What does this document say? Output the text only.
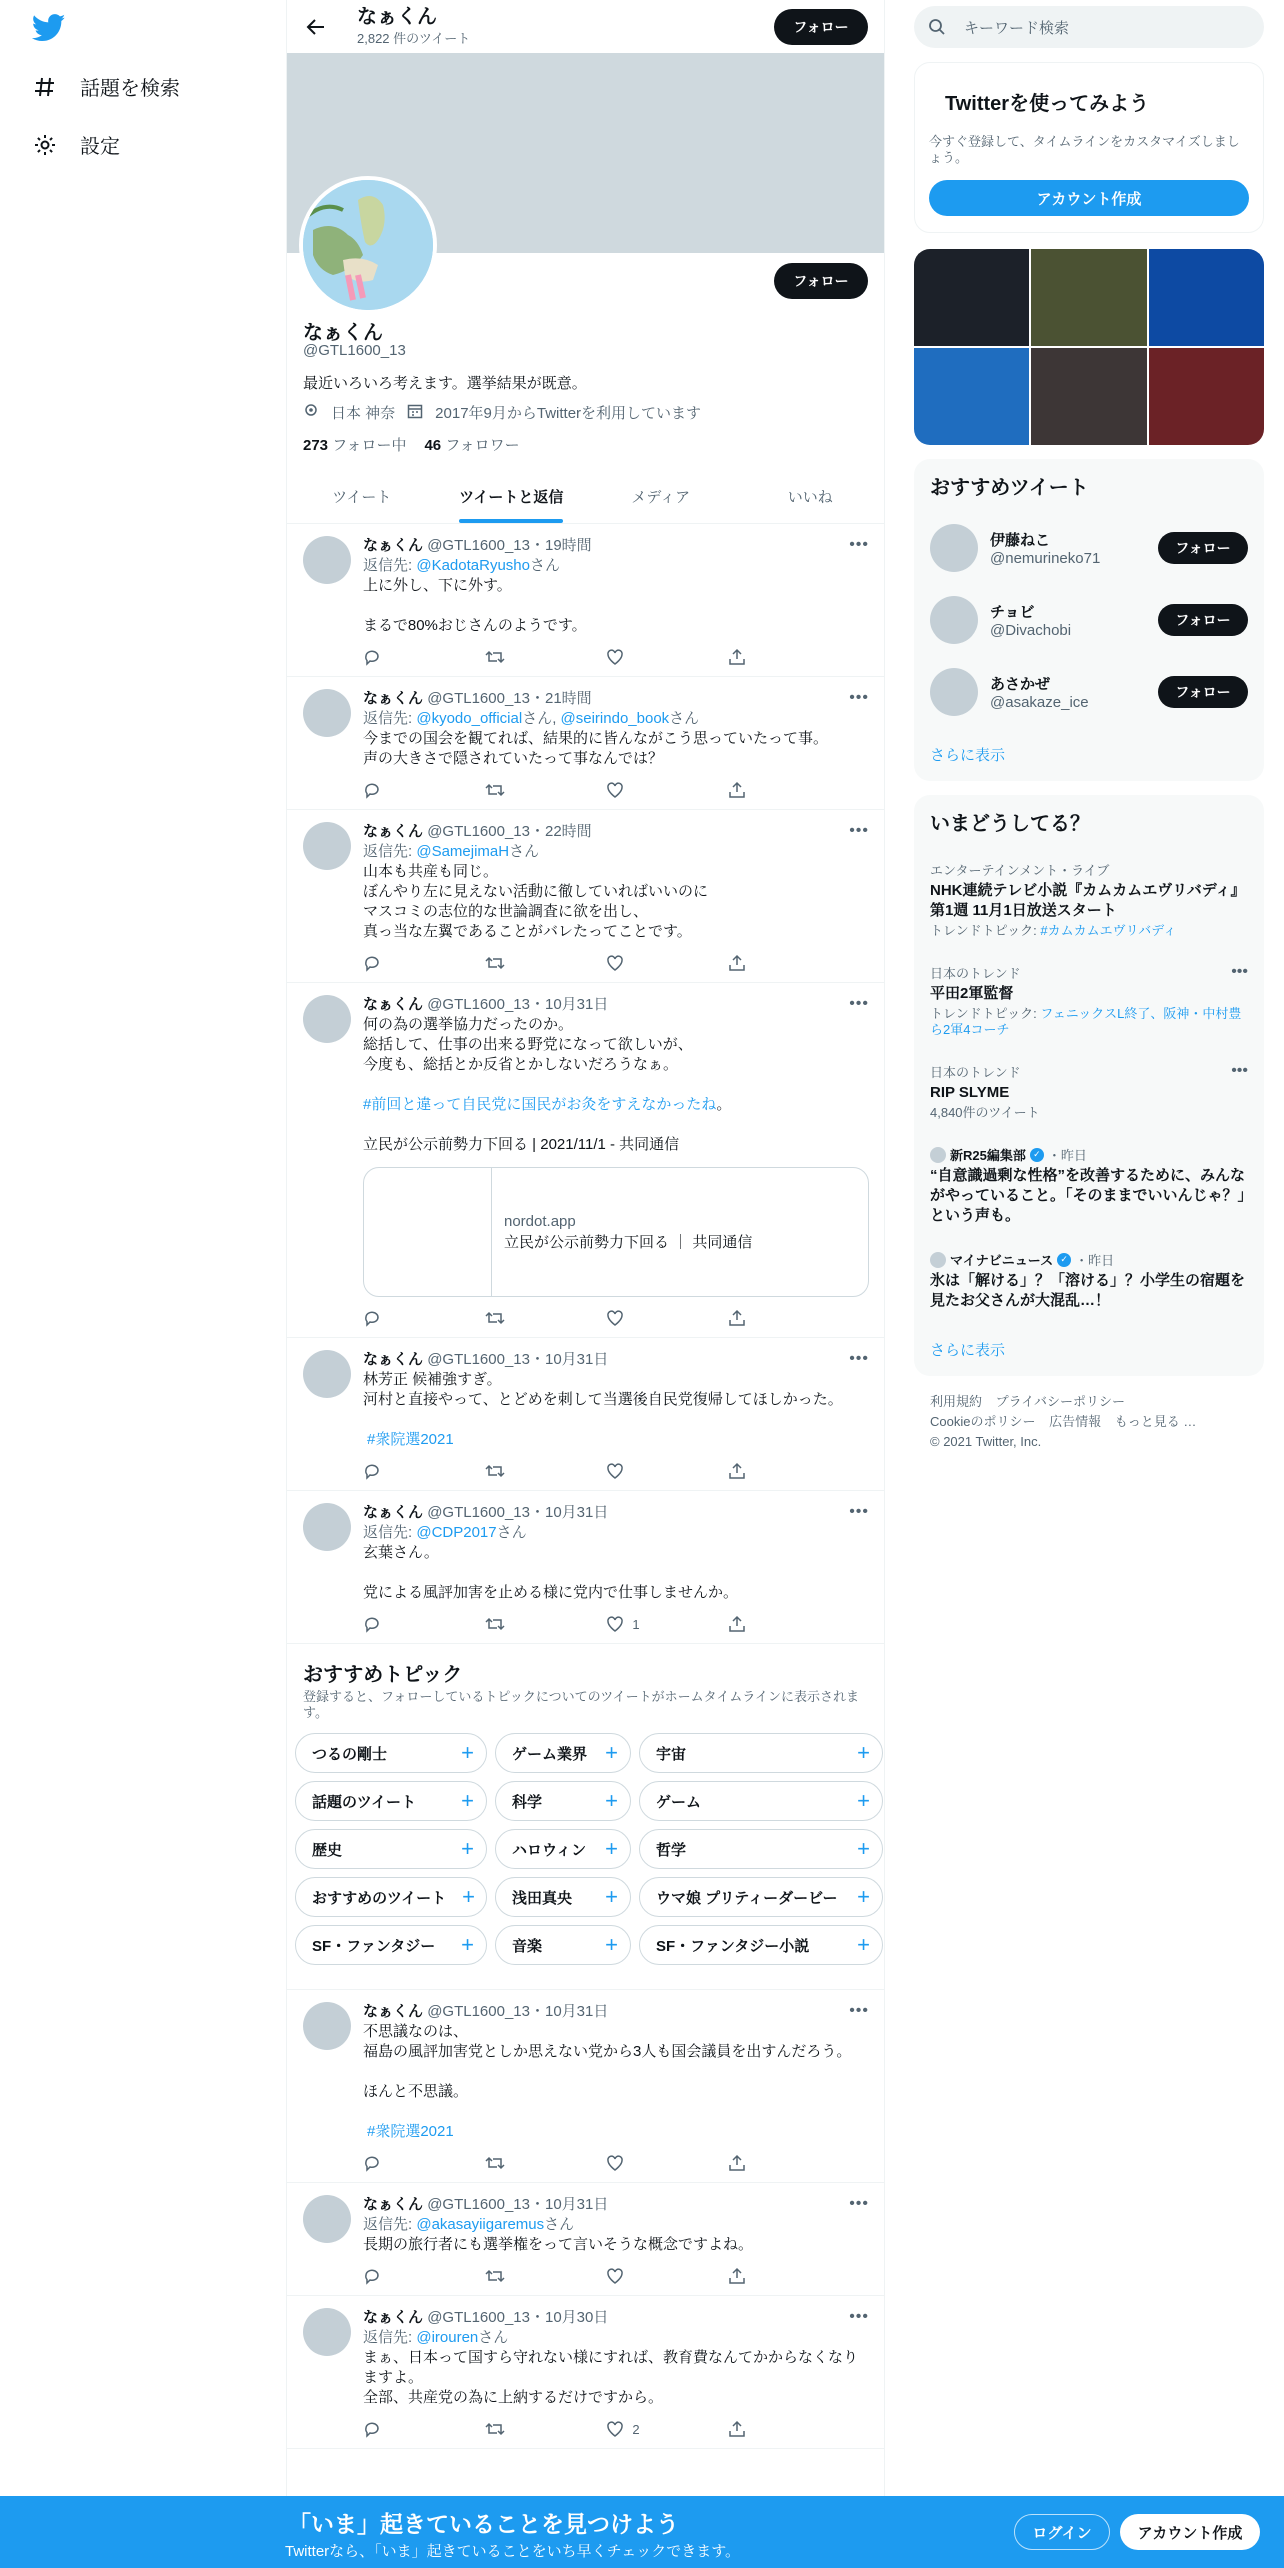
話題を検索
設定
なぁくん
2,822 件のツイート
フォロー
フォロー
なぁくん
@GTL1600_13
最近いろいろ考えます。選挙結果が既意。
日本 神奈	2017年9月からTwitterを利用しています
273 フォロー中 46 フォロワー
ツイート	ツイートと返信	メディア	いいね
•••
なぁくん @GTL1600_13・19時間
返信先: @KadotaRyushoさん
上に外し、下に外す。

まるで80%おじさんのようです。
•••
なぁくん @GTL1600_13・21時間
返信先: @kyodo_officialさん, @seirindo_bookさん
今までの国会を観てれば、結果的に皆んながこう思っていたって事。
声の大きさで隠されていたって事なんでは？
•••
なぁくん @GTL1600_13・22時間
返信先: @SamejimaHさん
山本も共産も同じ。
ぼんやり左に見えない活動に徹していればいいのに
マスコミの志位的な世論調査に欲を出し、
真っ当な左翼であることがバレたってことです。
•••
なぁくん @GTL1600_13・10月31日
何の為の選挙協力だったのか。
総括して、仕事の出来る野党になって欲しいが、
今度も、総括とか反省とかしないだろうなぁ。
#前回と違って自民党に国民がお灸をすえなかったね。
立民が公示前勢力下回る | 2021/11/1 - 共同通信
nordot.app
立民が公示前勢力下回る ｜ 共同通信
•••
なぁくん @GTL1600_13・10月31日
林芳正 候補強すぎ。
河村と直接やって、とどめを刺して当選後自民党復帰してほしかった。
#衆院選2021
•••
なぁくん @GTL1600_13・10月31日
返信先: @CDP2017さん
玄葉さん。

党による風評加害を止める様に党内で仕事しませんか。
1
おすすめトピック
登録すると、フォローしているトピックについてのツイートがホームタイムラインに表示されます。
つるの剛士	+	ゲーム業界 +	宇宙	+
話題のツイート +	科学	+	ゲーム	+
歴史	+	ハロウィン +	哲学	+
おすすめのツイート + 浅田真央 +	ウマ娘 プリティーダービー +
SF・ファンタジー +	音楽	+	SF・ファンタジー小説 +
•••
なぁくん @GTL1600_13・10月31日
不思議なのは、
福島の風評加害党としか思えない党から3人も国会議員を出すんだろう。

ほんと不思議。
#衆院選2021
•••
なぁくん @GTL1600_13・10月31日
返信先: @akasayiigaremusさん
長期の旅行者にも選挙権をって言いそうな概念ですよね。
•••
なぁくん @GTL1600_13・10月30日
返信先: @irourenさん
まぁ、日本って国すら守れない様にすれば、教育費なんてかからなくなりますよ。
全部、共産党の為に上納するだけですから。
2
キーワード検索
Twitterを使ってみよう

今すぐ登録して、タイムラインをカスタマイズしましょう。

アカウント作成
おすすめツイート
伊藤ねこ
@nemurineko71
フォロー
チョビ
@Divachobi
フォロー
あさかぜ
@asakaze_ice
フォロー
さらに表示
いまどうしてる？
エンターテインメント・ライブ
NHK連続テレビ小説『カムカムエヴリバディ』第1週 11月1日放送スタート
トレンドトピック: #カムカムエヴリバディ
•••
日本のトレンド
平田2軍監督
トレンドトピック: フェニックスL終了、阪神・中村豊ら2軍4コーチ
•••
日本のトレンド
RIP SLYME
4,840件のツイート
新R25編集部 ✓ ・昨日
“自意識過剰な性格”を改善するために、みんながやっていること。「そのままでいいんじゃ？」という声も。
マイナビニュース ✓ ・昨日
氷は「解ける」？「溶ける」？小学生の宿題を見たお父さんが大混乱…！
さらに表示
利用規約 プライバシーポリシー
Cookieのポリシー 広告情報 もっと見る …
© 2021 Twitter, Inc.
「いま」起きていることを見つけよう
Twitterなら、「いま」起きていることをいち早くチェックできます。
ログイン	アカウント作成
